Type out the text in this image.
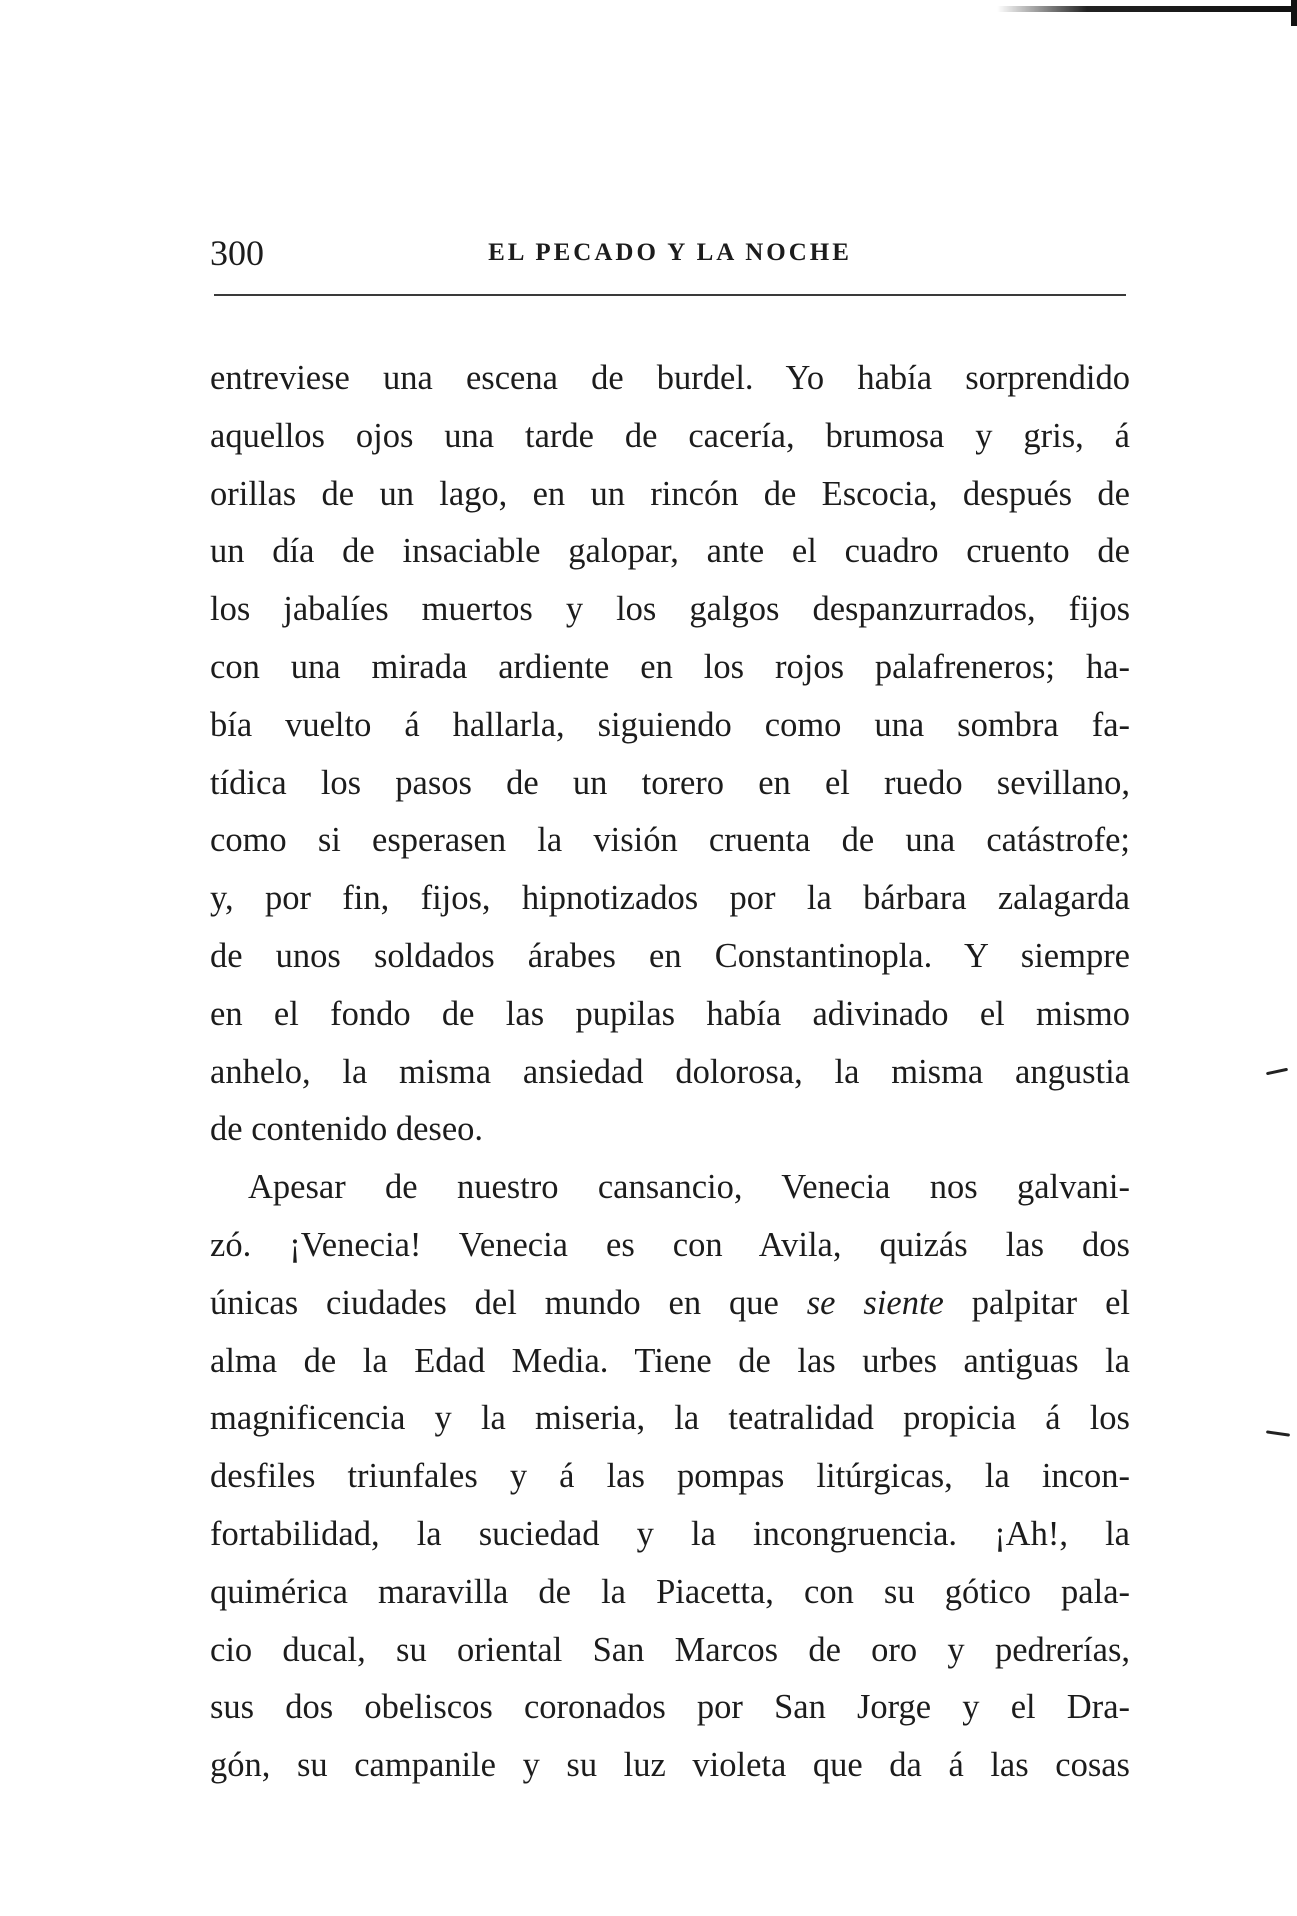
300	EL PECADO Y LA NOCHE
entreviese una escena de burdel. Yo había sorprendido
aquellos ojos una tarde de cacería, brumosa y gris, á
orillas de un lago, en un rincón de Escocia, después de
un día de insaciable galopar, ante el cuadro cruento de
los jabalíes muertos y los galgos despanzurrados, fijos
con una mirada ardiente en los rojos palafreneros; ha-
bía vuelto á hallarla, siguiendo como una sombra fa-
tídica los pasos de un torero en el ruedo sevillano,
como si esperasen la visión cruenta de una catástrofe;
y, por fin, fijos, hipnotizados por la bárbara zalagarda
de unos soldados árabes en Constantinopla. Y siempre
en el fondo de las pupilas había adivinado el mismo
anhelo, la misma ansiedad dolorosa, la misma angustia
de contenido deseo.
Apesar de nuestro cansancio, Venecia nos galvani-
zó. ¡Venecia! Venecia es con Avila, quizás las dos
únicas ciudades del mundo en que se siente palpitar el
alma de la Edad Media. Tiene de las urbes antiguas la
magnificencia y la miseria, la teatralidad propicia á los
desfiles triunfales y á las pompas litúrgicas, la incon-
fortabilidad, la suciedad y la incongruencia. ¡Ah!, la
quimérica maravilla de la Piacetta, con su gótico pala-
cio ducal, su oriental San Marcos de oro y pedrerías,
sus dos obeliscos coronados por San Jorge y el Dra-
gón, su campanile y su luz violeta que da á las cosas
